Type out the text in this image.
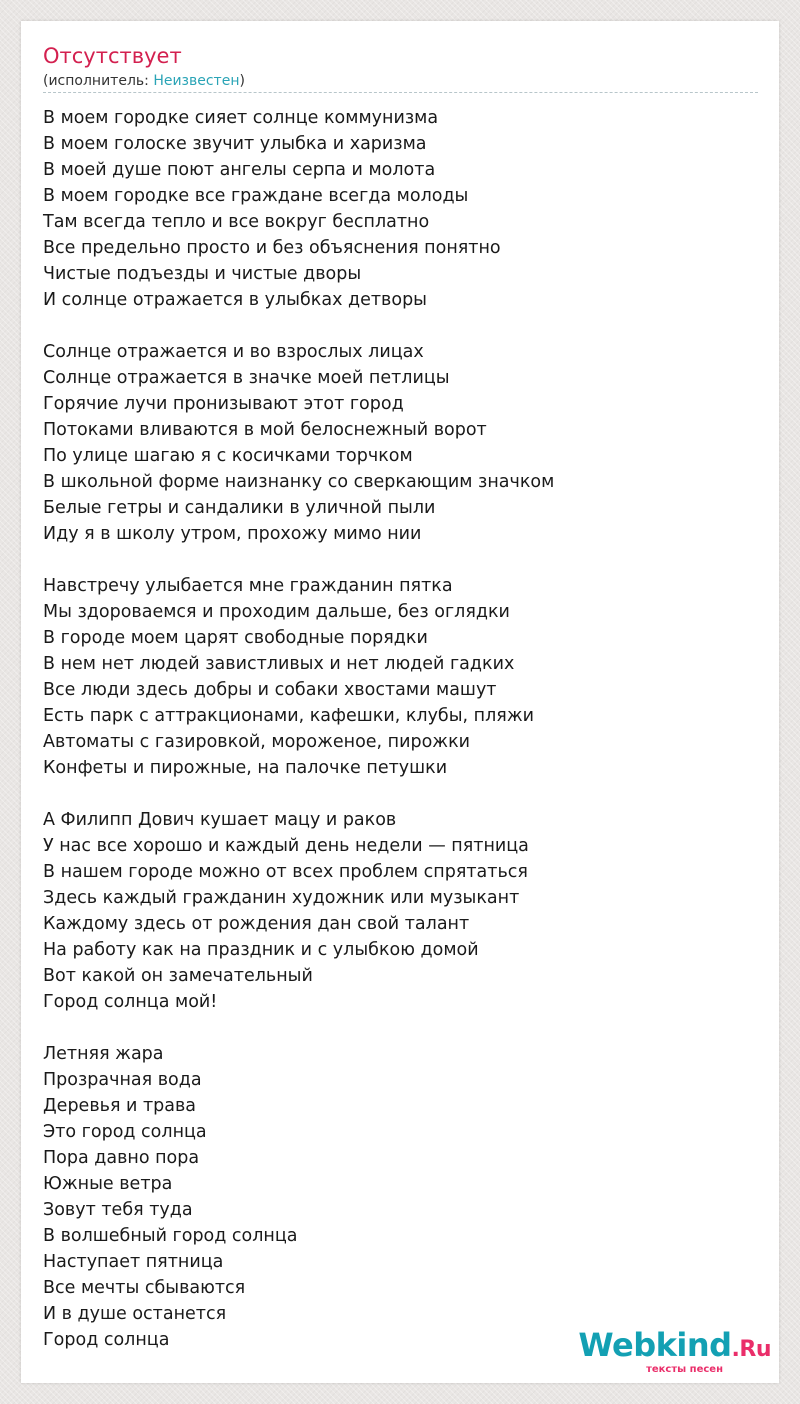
Отсутствует
(исполнитель: Неизвестен)
В моем городке сияет солнце коммунизма
В моем голоске звучит улыбка и харизма
В моей душе поют ангелы серпа и молота
В моем городке все граждане всегда молоды
Там всегда тепло и все вокруг бесплатно
Все предельно просто и без объяснения понятно
Чистые подъезды и чистые дворы
И солнце отражается в улыбках детворы
Солнце отражается и во взрослых лицах
Солнце отражается в значке моей петлицы
Горячие лучи пронизывают этот город
Потоками вливаются в мой белоснежный ворот
По улице шагаю я с косичками торчком
В школьной форме наизнанку со сверкающим значком
Белые гетры и сандалики в уличной пыли
Иду я в школу утром, прохожу мимо нии
Навстречу улыбается мне гражданин пятка
Мы здороваемся и проходим дальше, без оглядки
В городе моем царят свободные порядки
В нем нет людей завистливых и нет людей гадких
Все люди здесь добры и собаки хвостами машут
Есть парк с аттракционами, кафешки, клубы, пляжи
Автоматы с газировкой, мороженое, пирожки
Конфеты и пирожные, на палочке петушки
А Филипп Дович кушает мацу и раков
У нас все хорошо и каждый день недели — пятница
В нашем городе можно от всех проблем спрятаться
Здесь каждый гражданин художник или музыкант
Каждому здесь от рождения дан свой талант
На работу как на праздник и с улыбкою домой
Вот какой он замечательный
Город солнца мой!
Летняя жара
Прозрачная вода
Деревья и трава
Это город солнца
Пора давно пора
Южные ветра
Зовут тебя туда
В волшебный город солнца
Наступает пятница
Все мечты сбываются
И в душе останется
Город солнца	Webkind.Ru
тексты песен
